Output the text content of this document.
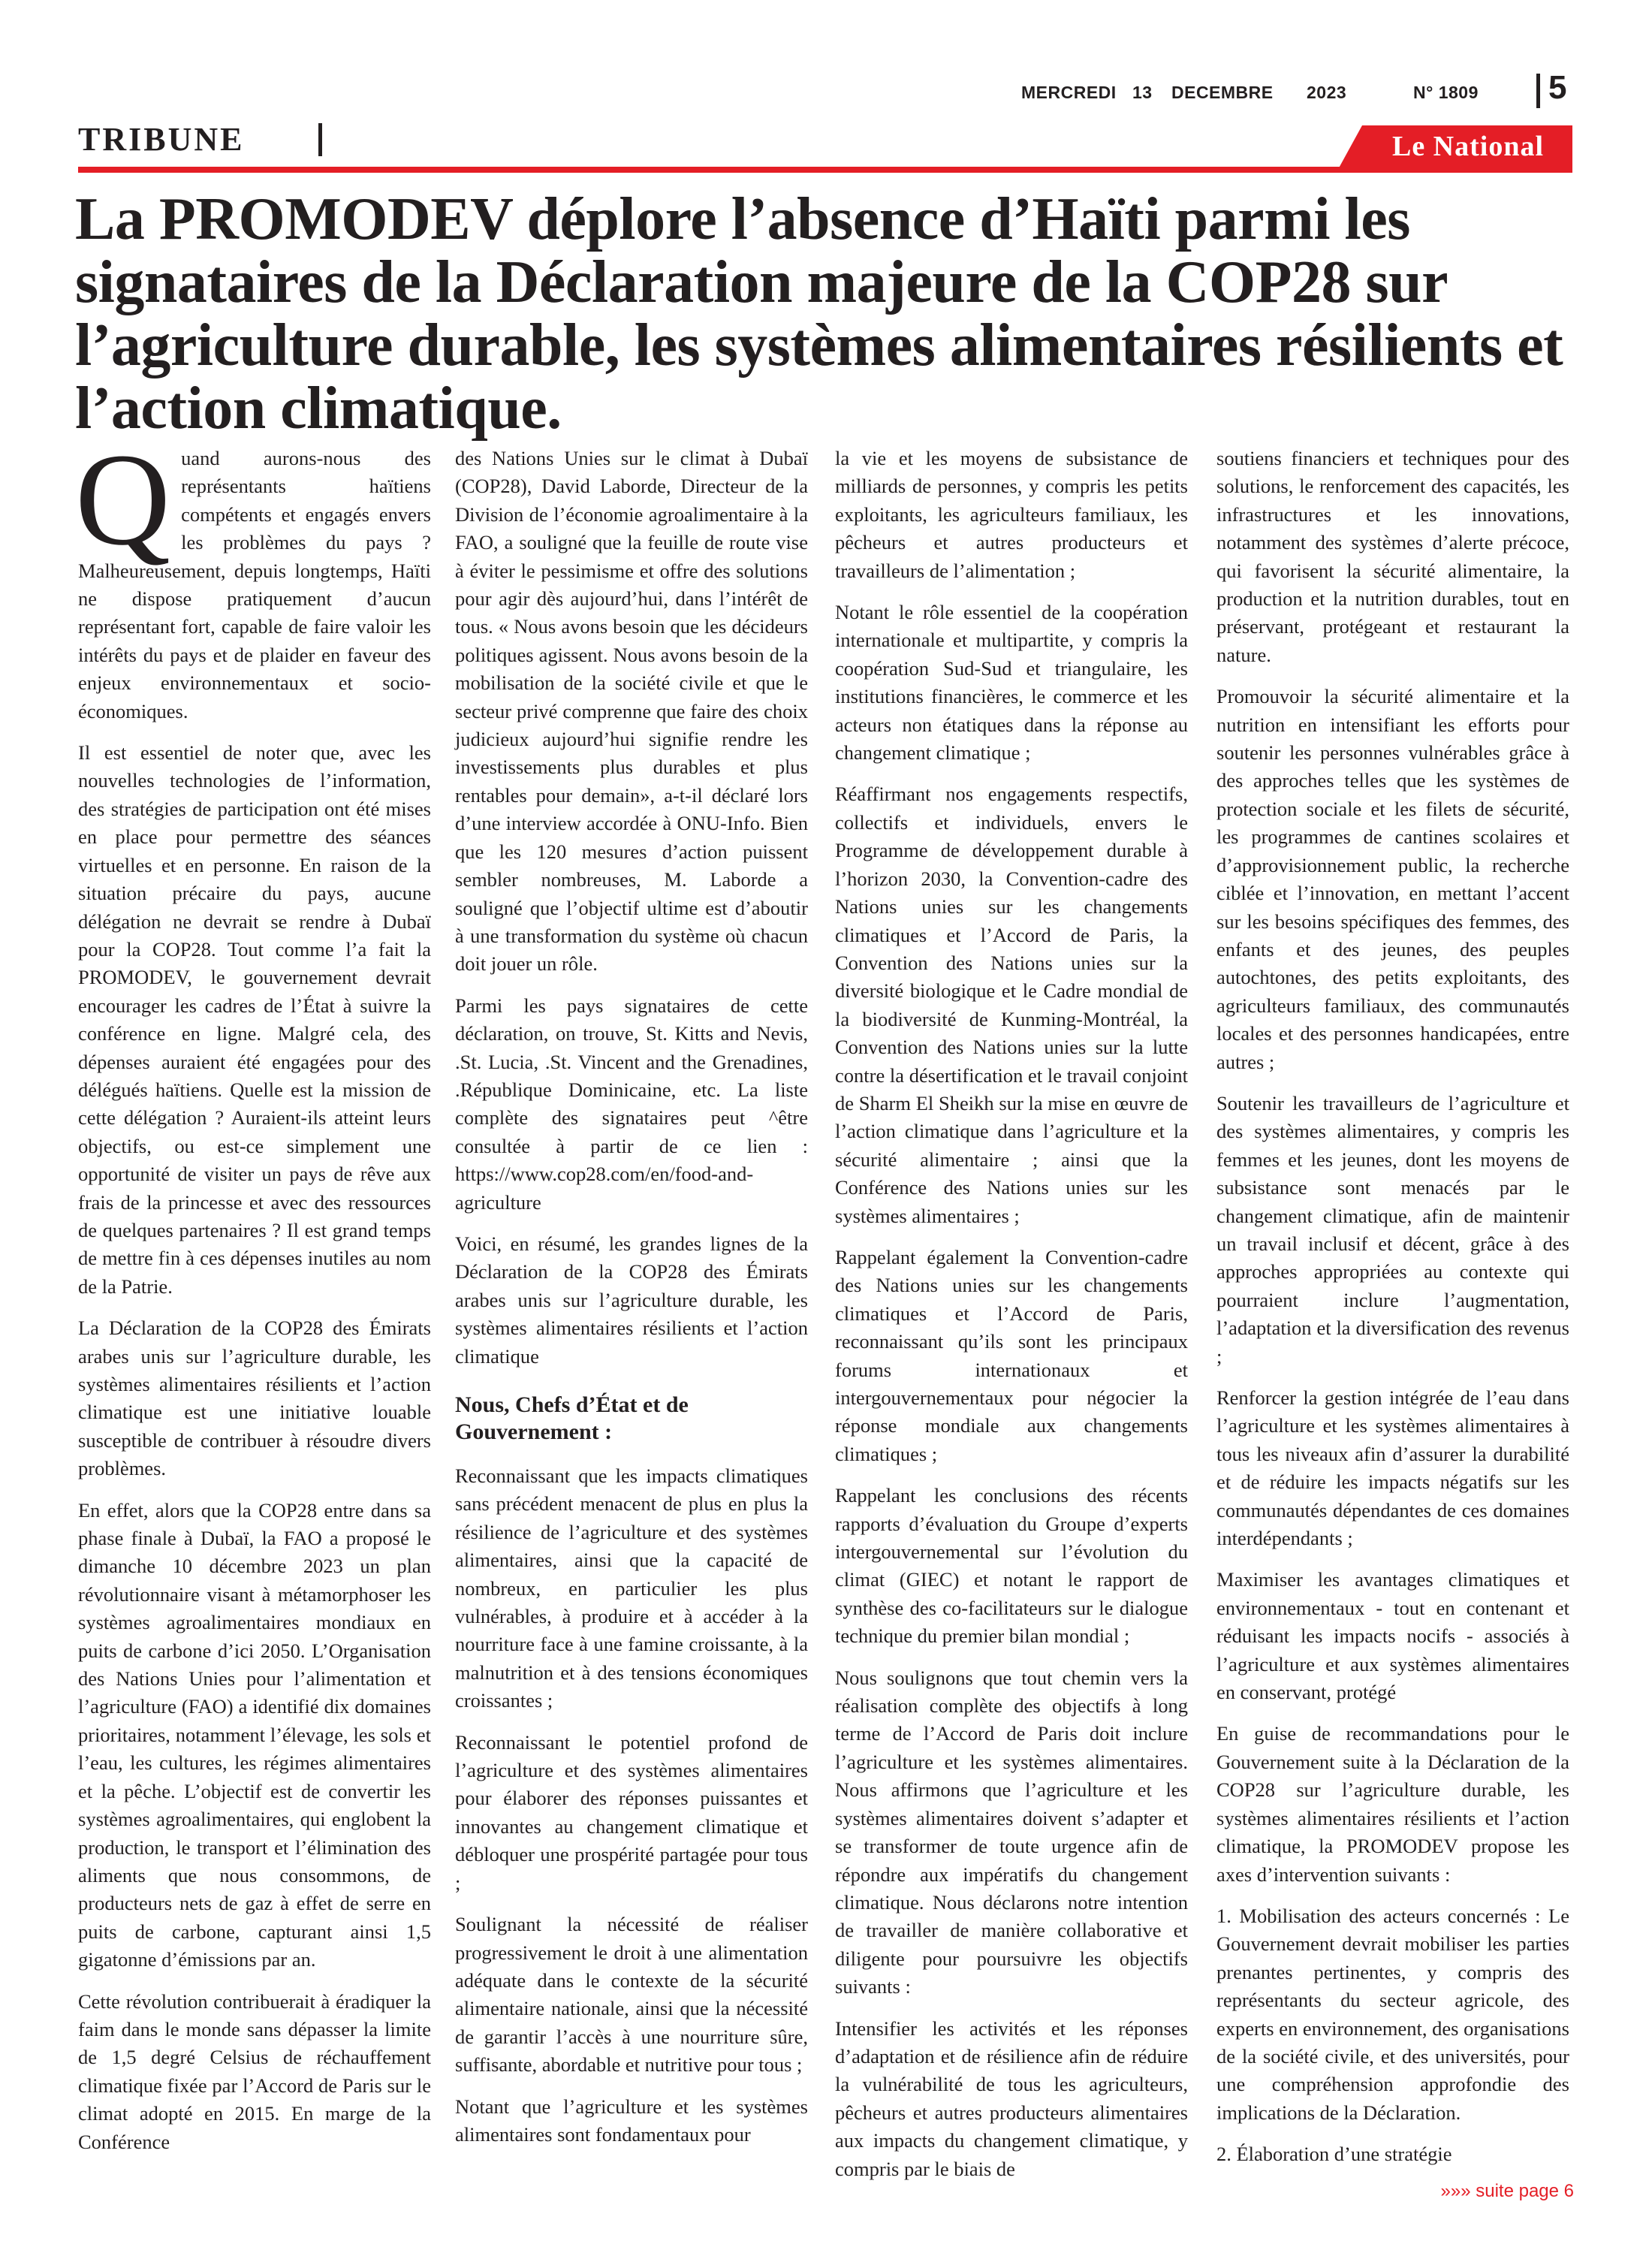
MERCREDI 13 DECEMBRE 2023	N° 1809 5
TRIBUNE	Le National
La PROMODEV déplore l’absence d’Haïti parmi les signataires de la Déclaration majeure de la COP28 sur l’agriculture durable, les systèmes alimentaires résilients et l’action climatique.
Q uand aurons-nous des représentants haïtiens compétents et engagés envers les problèmes du pays ? Malheureusement, depuis longtemps, Haïti ne dispose pratiquement d’aucun représentant fort, capable de faire valoir les intérêts du pays et de plaider en faveur des enjeux environnementaux et socio-économiques.

Il est essentiel de noter que, avec les nouvelles technologies de l’information, des stratégies de participation ont été mises en place pour permettre des séances virtuelles et en personne. En raison de la situation précaire du pays, aucune délégation ne devrait se rendre à Dubaï pour la COP28. Tout comme l’a fait la PROMODEV, le gouvernement devrait encourager les cadres de l’État à suivre la conférence en ligne. Malgré cela, des dépenses auraient été engagées pour des délégués haïtiens. Quelle est la mission de cette délégation ? Auraient-ils atteint leurs objectifs, ou est-ce simplement une opportunité de visiter un pays de rêve aux frais de la princesse et avec des ressources de quelques partenaires ? Il est grand temps de mettre fin à ces dépenses inutiles au nom de la Patrie.

La Déclaration de la COP28 des Émirats arabes unis sur l’agriculture durable, les systèmes alimentaires résilients et l’action climatique est une initiative louable susceptible de contribuer à résoudre divers problèmes.

En effet, alors que la COP28 entre dans sa phase finale à Dubaï, la FAO a proposé le dimanche 10 décembre 2023 un plan révolutionnaire visant à métamorphoser les systèmes agroalimentaires mondiaux en puits de carbone d’ici 2050. L’Organisation des Nations Unies pour l’alimentation et l’agriculture (FAO) a identifié dix domaines prioritaires, notamment l’élevage, les sols et l’eau, les cultures, les régimes alimentaires et la pêche. L’objectif est de convertir les systèmes agroalimentaires, qui englobent la production, le transport et l’élimination des aliments que nous consommons, de producteurs nets de gaz à effet de serre en puits de carbone, capturant ainsi 1,5 gigatonne d’émissions par an.

Cette révolution contribuerait à éradiquer la faim dans le monde sans dépasser la limite de 1,5 degré Celsius de réchauffement climatique fixée par l’Accord de Paris sur le climat adopté en 2015. En marge de la Conférence

des Nations Unies sur le climat à Dubaï (COP28), David Laborde, Directeur de la Division de l’économie agroalimentaire à la FAO, a souligné que la feuille de route vise à éviter le pessimisme et offre des solutions pour agir dès aujourd’hui, dans l’intérêt de tous. « Nous avons besoin que les décideurs politiques agissent. Nous avons besoin de la mobilisation de la société civile et que le secteur privé comprenne que faire des choix judicieux aujourd’hui signifie rendre les investissements plus durables et plus rentables pour demain», a-t-il déclaré lors d’une interview accordée à ONU-Info. Bien que les 120 mesures d’action puissent sembler nombreuses, M. Laborde a souligné que l’objectif ultime est d’aboutir à une transformation du système où chacun doit jouer un rôle.

Parmi les pays signataires de cette déclaration, on trouve, St. Kitts and Nevis, .St. Lucia, .St. Vincent and the Grenadines, .République Dominicaine, etc. La liste complète des signataires peut ^être consultée à partir de ce lien : https://www.cop28.com/en/food-and-agriculture

Voici, en résumé, les grandes lignes de la Déclaration de la COP28 des Émirats arabes unis sur l’agriculture durable, les systèmes alimentaires résilients et l’action climatique

Nous, Chefs d’État et de Gouvernement :

Reconnaissant que les impacts climatiques sans précédent menacent de plus en plus la résilience de l’agriculture et des systèmes alimentaires, ainsi que la capacité de nombreux, en particulier les plus vulnérables, à produire et à accéder à la nourriture face à une famine croissante, à la malnutrition et à des tensions économiques croissantes ;

Reconnaissant le potentiel profond de l’agriculture et des systèmes alimentaires pour élaborer des réponses puissantes et innovantes au changement climatique et débloquer une prospérité partagée pour tous ;

Soulignant la nécessité de réaliser progressivement le droit à une alimentation adéquate dans le contexte de la sécurité alimentaire nationale, ainsi que la nécessité de garantir l’accès à une nourriture sûre, suffisante, abordable et nutritive pour tous ;

Notant que l’agriculture et les systèmes alimentaires sont fondamentaux pour

la vie et les moyens de subsistance de milliards de personnes, y compris les petits exploitants, les agriculteurs familiaux, les pêcheurs et autres producteurs et travailleurs de l’alimentation ;

Notant le rôle essentiel de la coopération internationale et multipartite, y compris la coopération Sud-Sud et triangulaire, les institutions financières, le commerce et les acteurs non étatiques dans la réponse au changement climatique ;

Réaffirmant nos engagements respectifs, collectifs et individuels, envers le Programme de développement durable à l’horizon 2030, la Convention-cadre des Nations unies sur les changements climatiques et l’Accord de Paris, la Convention des Nations unies sur la diversité biologique et le Cadre mondial de la biodiversité de Kunming-Montréal, la Convention des Nations unies sur la lutte contre la désertification et le travail conjoint de Sharm El Sheikh sur la mise en œuvre de l’action climatique dans l’agriculture et la sécurité alimentaire ; ainsi que la Conférence des Nations unies sur les systèmes alimentaires ;

Rappelant également la Convention-cadre des Nations unies sur les changements climatiques et l’Accord de Paris, reconnaissant qu’ils sont les principaux forums internationaux et intergouvernementaux pour négocier la réponse mondiale aux changements climatiques ;

Rappelant les conclusions des récents rapports d’évaluation du Groupe d’experts intergouvernemental sur l’évolution du climat (GIEC) et notant le rapport de synthèse des co-facilitateurs sur le dialogue technique du premier bilan mondial ;

Nous soulignons que tout chemin vers la réalisation complète des objectifs à long terme de l’Accord de Paris doit inclure l’agriculture et les systèmes alimentaires. Nous affirmons que l’agriculture et les systèmes alimentaires doivent s’adapter et se transformer de toute urgence afin de répondre aux impératifs du changement climatique. Nous déclarons notre intention de travailler de manière collaborative et diligente pour poursuivre les objectifs suivants :

Intensifier les activités et les réponses d’adaptation et de résilience afin de réduire la vulnérabilité de tous les agriculteurs, pêcheurs et autres producteurs alimentaires aux impacts du changement climatique, y compris par le biais de

soutiens financiers et techniques pour des solutions, le renforcement des capacités, les infrastructures et les innovations, notamment des systèmes d’alerte précoce, qui favorisent la sécurité alimentaire, la production et la nutrition durables, tout en préservant, protégeant et restaurant la nature.

Promouvoir la sécurité alimentaire et la nutrition en intensifiant les efforts pour soutenir les personnes vulnérables grâce à des approches telles que les systèmes de protection sociale et les filets de sécurité, les programmes de cantines scolaires et d’approvisionnement public, la recherche ciblée et l’innovation, en mettant l’accent sur les besoins spécifiques des femmes, des enfants et des jeunes, des peuples autochtones, des petits exploitants, des agriculteurs familiaux, des communautés locales et des personnes handicapées, entre autres ;

Soutenir les travailleurs de l’agriculture et des systèmes alimentaires, y compris les femmes et les jeunes, dont les moyens de subsistance sont menacés par le changement climatique, afin de maintenir un travail inclusif et décent, grâce à des approches appropriées au contexte qui pourraient inclure l’augmentation, l’adaptation et la diversification des revenus ;

Renforcer la gestion intégrée de l’eau dans l’agriculture et les systèmes alimentaires à tous les niveaux afin d’assurer la durabilité et de réduire les impacts négatifs sur les communautés dépendantes de ces domaines interdépendants ;

Maximiser les avantages climatiques et environnementaux - tout en contenant et réduisant les impacts nocifs - associés à l’agriculture et aux systèmes alimentaires en conservant, protégé

En guise de recommandations pour le Gouvernement suite à la Déclaration de la COP28 sur l’agriculture durable, les systèmes alimentaires résilients et l’action climatique, la PROMODEV propose les axes d’intervention suivants :

1. Mobilisation des acteurs concernés : Le Gouvernement devrait mobiliser les parties prenantes pertinentes, y compris des représentants du secteur agricole, des experts en environnement, des organisations de la société civile, et des universités, pour une compréhension approfondie des implications de la Déclaration.

2. Élaboration d’une stratégie

»»» suite page 6
